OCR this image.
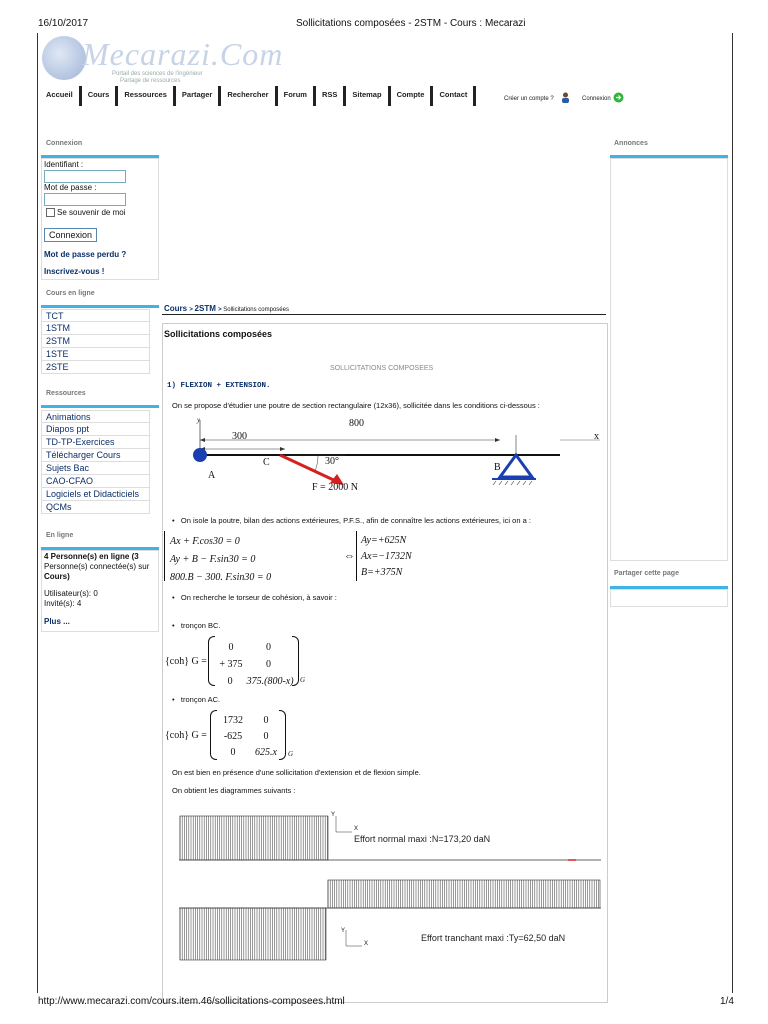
16/10/2017	Sollicitations composées - 2STM - Cours : Mecarazi
Mecarazi.Com
Portail des sciences de l'ingénieur
Partage de ressources
Accueil	Cours	Ressources	Partager	Rechercher	Forum	RSS	Sitemap	Compte	Contact	Créer un compte ?	Connexion
Connexion
Identifiant :
Mot de passe :
Se souvenir de moi
Connexion
Mot de passe perdu ?
Inscrivez-vous !
Cours en ligne
TCT
1STM
2STM
1STE
2STE
Ressources
Animations
Diapos ppt
TD-TP-Exercices
Télécharger Cours
Sujets Bac
CAO-CFAO
Logiciels et Didacticiels
QCMs
En ligne
4 Personne(s) en ligne (3
Personne(s) connectée(s) sur
Cours)
Utilisateur(s): 0
Invité(s): 4
Plus ...
Annonces
Partager cette page
Cours > 2STM > Sollicitations composées
Sollicitations composées
SOLLICITATIONS COMPOSEES
1) FLEXION + EXTENSION.
On se propose d'étudier une poutre de section rectangulaire (12x36), sollicitée dans les conditions ci-dessous :
y	800
300	x
C	30°
A
B
F = 2000 N
•   On isole la poutre, bilan des actions extérieures, P.F.S., afin de connaître les actions extérieures, ici on a :
Ax + F.cos30 = 0
Ay + B − F.sin30 = 0
800.B − 300. F.sin30 = 0
⇔
Ay=+625N
Ax=−1732N
B=+375N
•   On recherche le torseur de cohésion, à savoir :
•   tronçon BC.
{coh} G =
0	0
+ 375	0
0	375.(800-x) G
•   tronçon AC.
{coh} G =
1732	0
-625	0
0	625.x	G
On est bien en présence d'une sollicitation d'extension et de flexion simple.
On obtient les diagrammes suivants :
Y
X
Effort normal maxi :N=173,20 daN
Y
X
Effort tranchant maxi :Ty=62,50 daN
http://www.mecarazi.com/cours.item.46/sollicitations-composees.html	1/4
